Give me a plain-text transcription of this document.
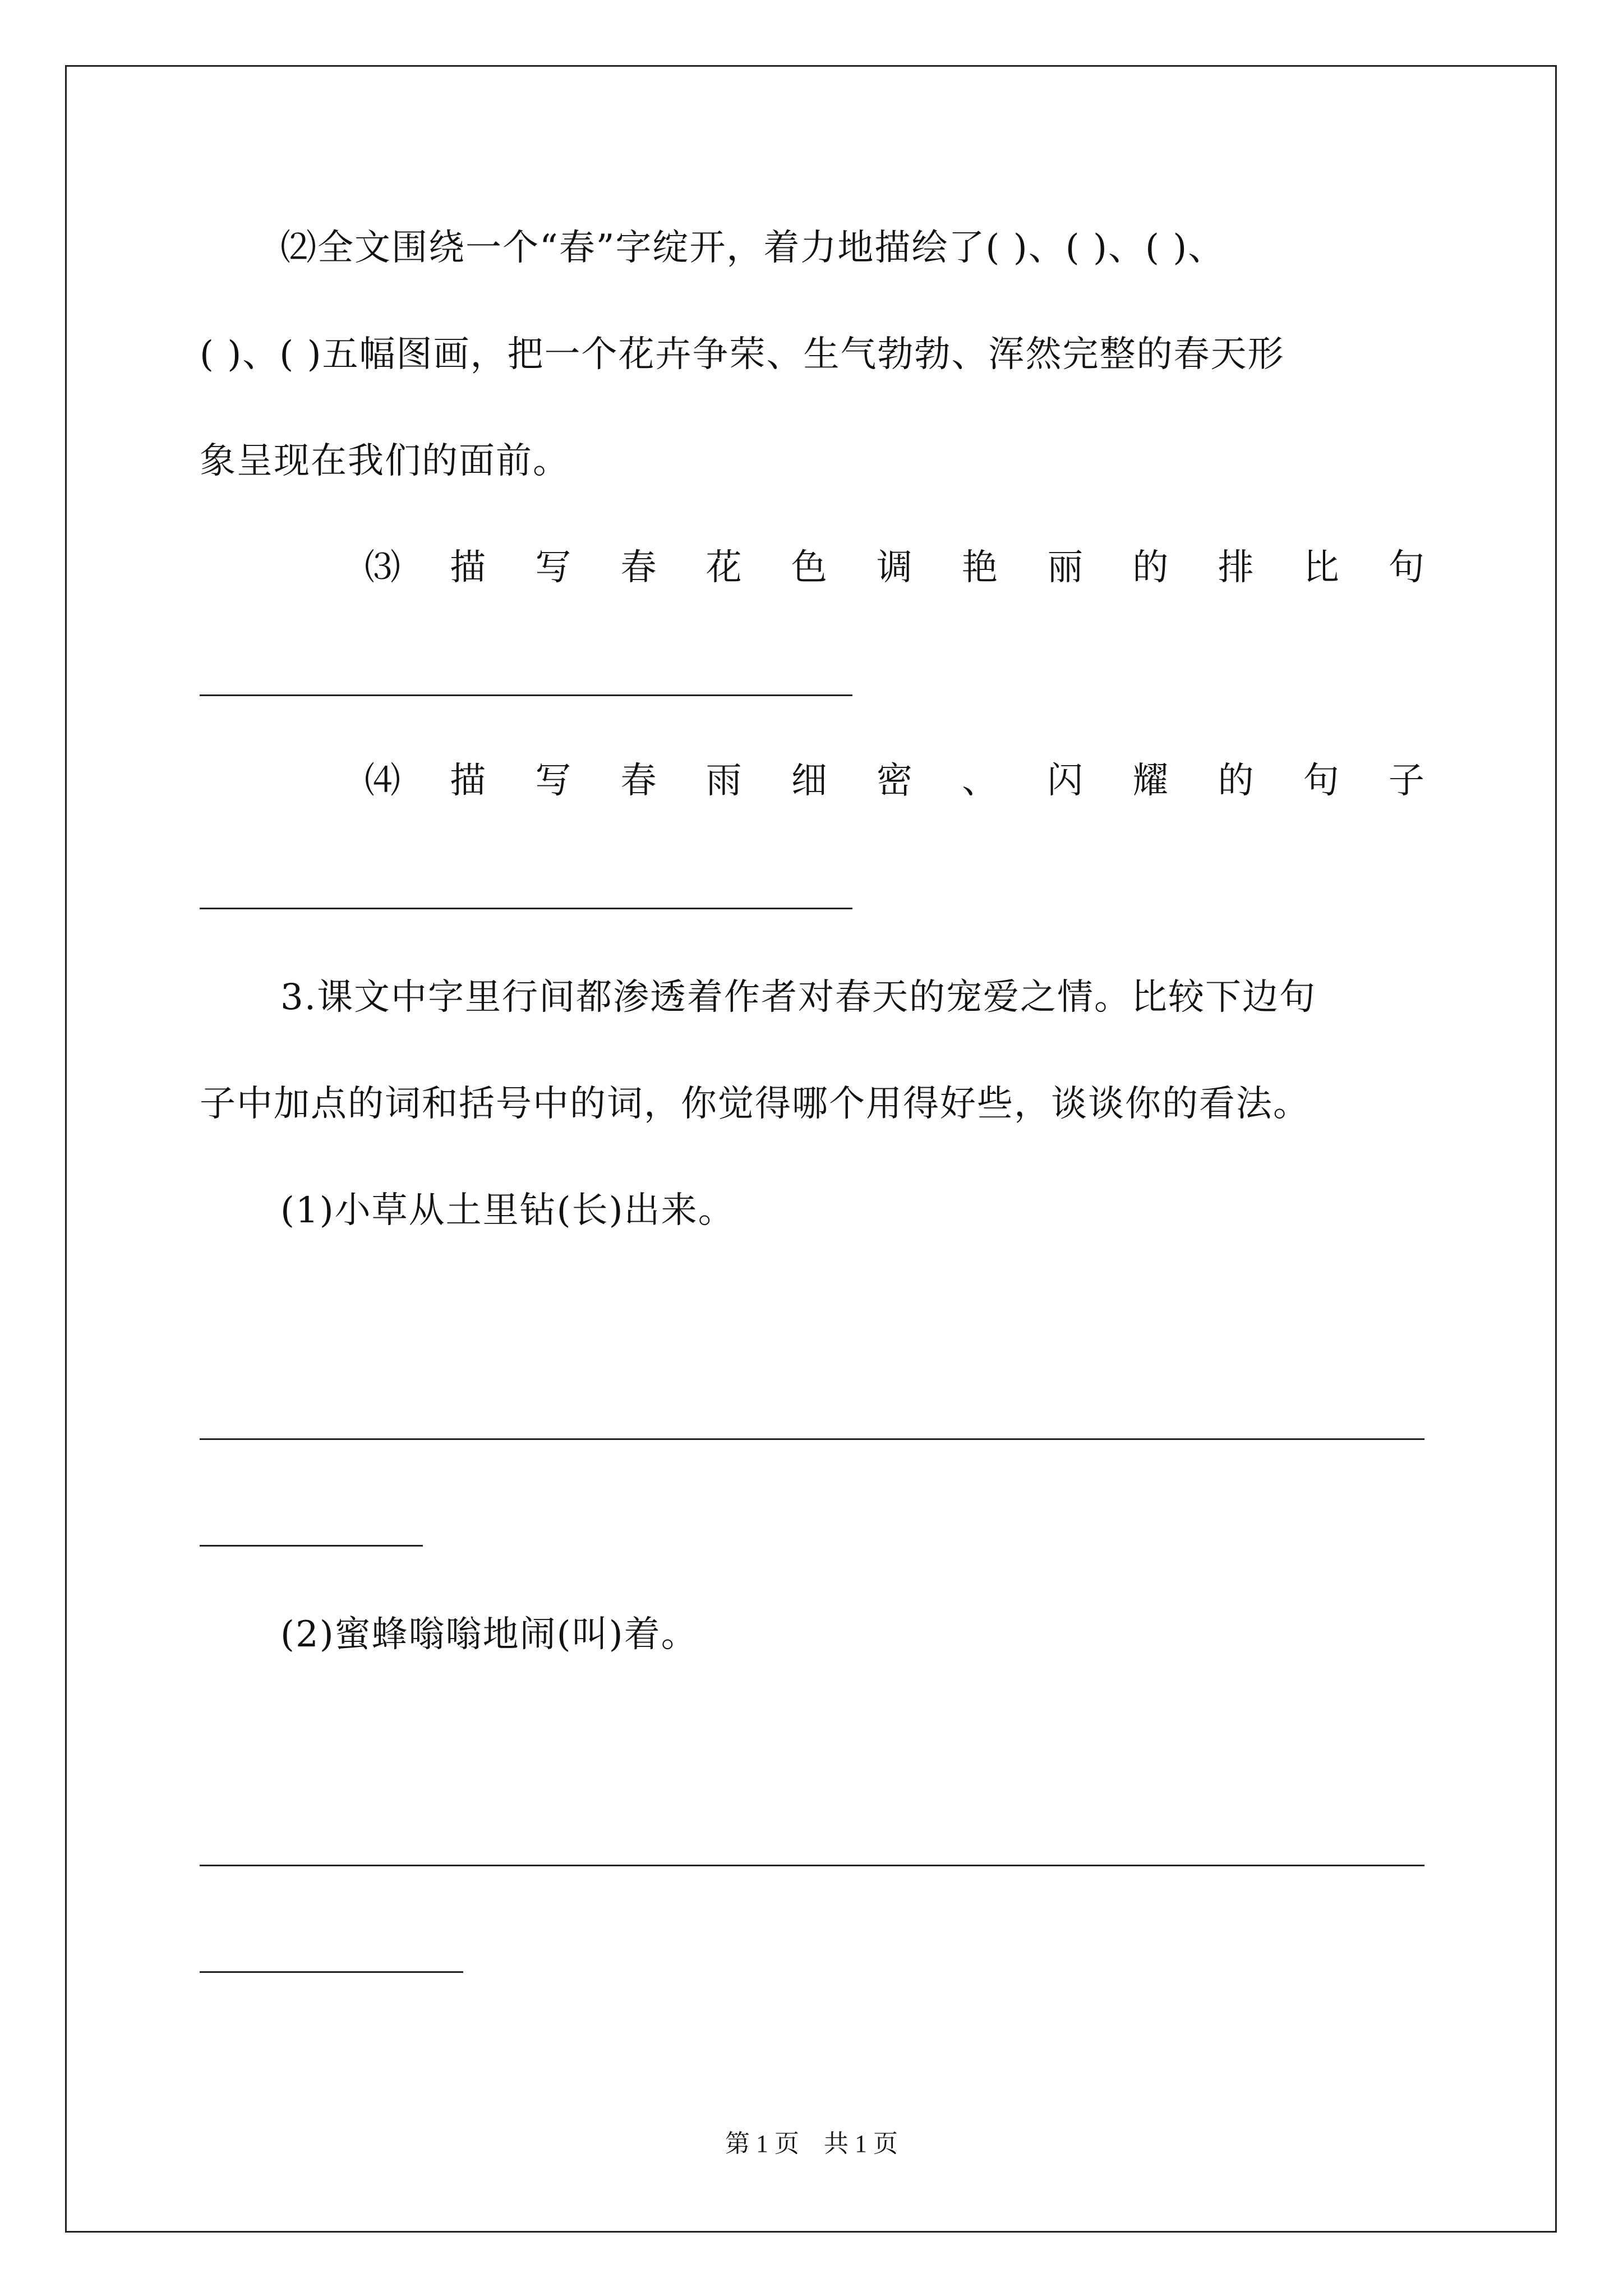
⑵全文围绕一个“春”字绽开，着力地描绘了( )、( )、( )、
( )、( )五幅图画，把一个花卉争荣、生气勃勃、浑然完整的春天形
象呈现在我们的面前。
⑶ 描 写 春 花 色 调 艳 丽 的 排 比 句
⑷ 描 写 春 雨 细 密 、 闪 耀 的 句 子
3.课文中字里行间都渗透着作者对春天的宠爱之情。比较下边句
子中加点的词和括号中的词，你觉得哪个用得好些，谈谈你的看法。
(1)小草从土里钻(长)出来。
(2)蜜蜂嗡嗡地闹(叫)着。
第 1 页　共 1 页
